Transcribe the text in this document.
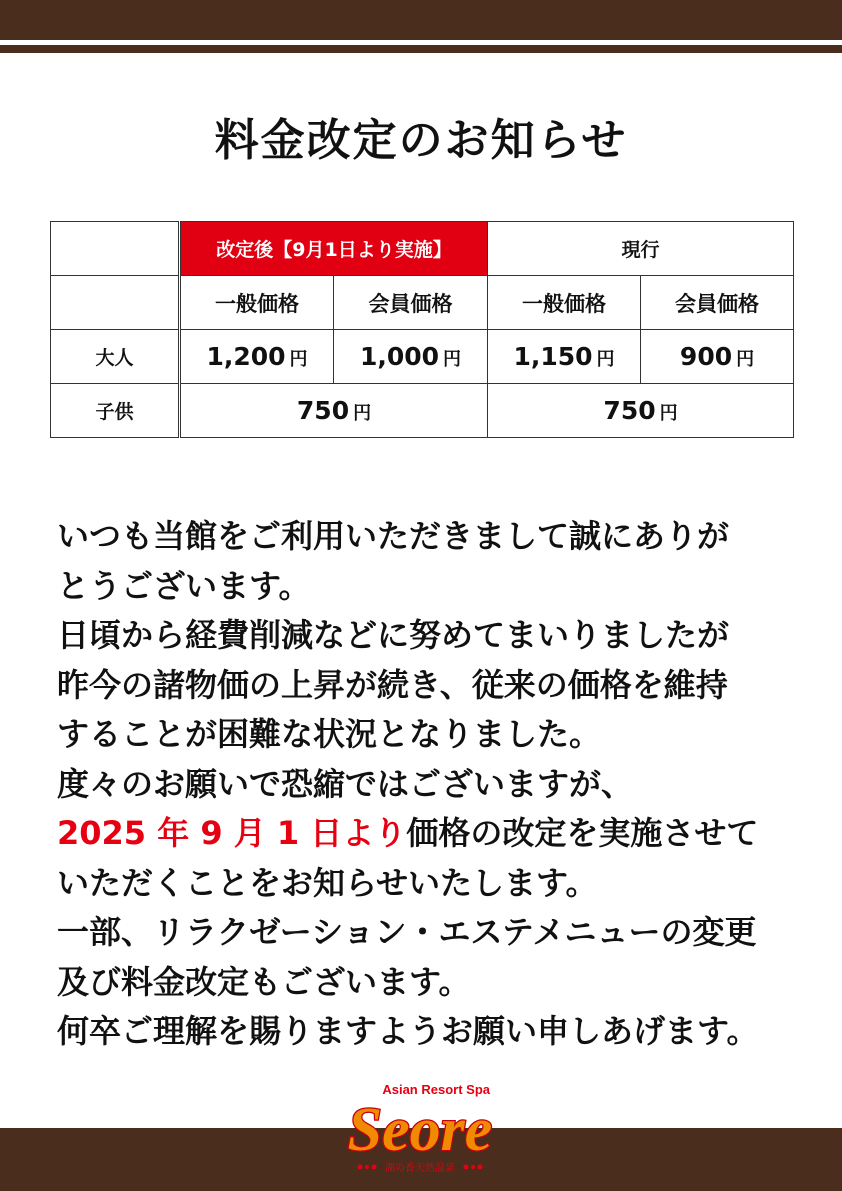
料金改定のお知らせ
	改定後【9月1日より実施】		現行	
	一般価格	会員価格	一般価格	会員価格
大人	1,200 円	1,000 円	1,150 円	900 円
子供	750 円		750 円	
いつも当館をご利用いただきまして誠にありが
とうございます。
日頃から経費削減などに努めてまいりましたが
昨今の諸物価の上昇が続き、従来の価格を維持
することが困難な状況となりました。
度々のお願いで恐縮ではございますが、
2025 年 9 月 1 日より価格の改定を実施させて
いただくことをお知らせいたします。
一部、リラクゼーション・エステメニューの変更
及び料金改定もございます。
何卒ご理解を賜りますようお願い申しあげます。
Asian Resort Spa
Seore
湖の香天然温泉
